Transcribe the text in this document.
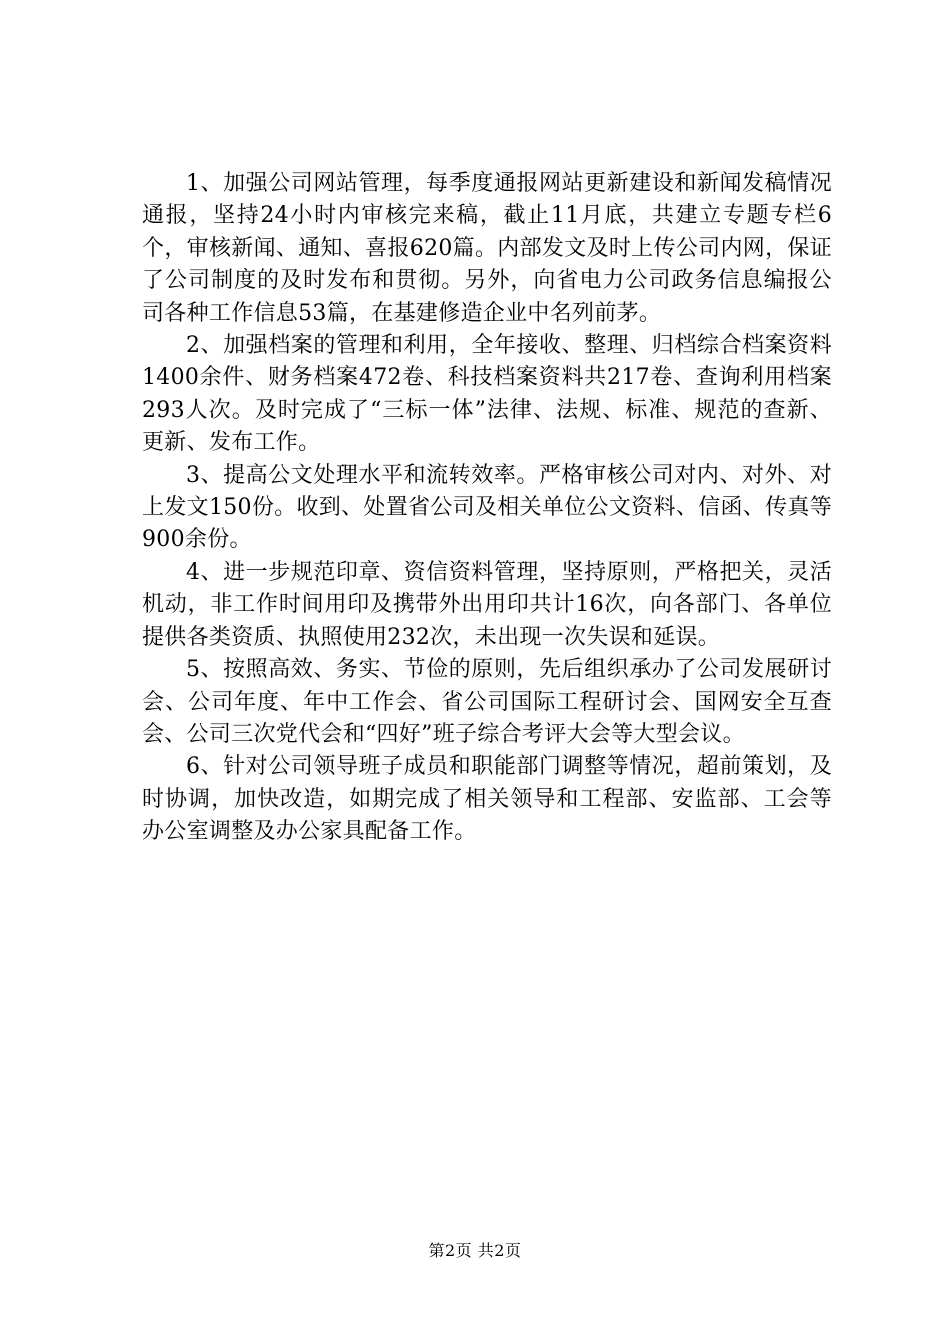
1、加强公司网站管理，每季度通报网站更新建设和新闻发稿情况通报，坚持24小时内审核完来稿，截止11月底，共建立专题专栏6个，审核新闻、通知、喜报620篇。内部发文及时上传公司内网，保证了公司制度的及时发布和贯彻。另外，向省电力公司政务信息编报公司各种工作信息53篇，在基建修造企业中名列前茅。

2、加强档案的管理和利用，全年接收、整理、归档综合档案资料1400余件、财务档案472卷、科技档案资料共217卷、查询利用档案293人次。及时完成了“三标一体”法律、法规、标准、规范的查新、更新、发布工作。

3、提高公文处理水平和流转效率。严格审核公司对内、对外、对上发文150份。收到、处置省公司及相关单位公文资料、信函、传真等900余份。

4、进一步规范印章、资信资料管理，坚持原则，严格把关，灵活机动，非工作时间用印及携带外出用印共计16次，向各部门、各单位提供各类资质、执照使用232次，未出现一次失误和延误。

5、按照高效、务实、节俭的原则，先后组织承办了公司发展研讨会、公司年度、年中工作会、省公司国际工程研讨会、国网安全互查会、公司三次党代会和“四好”班子综合考评大会等大型会议。

6、针对公司领导班子成员和职能部门调整等情况，超前策划，及时协调，加快改造，如期完成了相关领导和工程部、安监部、工会等办公室调整及办公家具配备工作。

第2页 共2页
